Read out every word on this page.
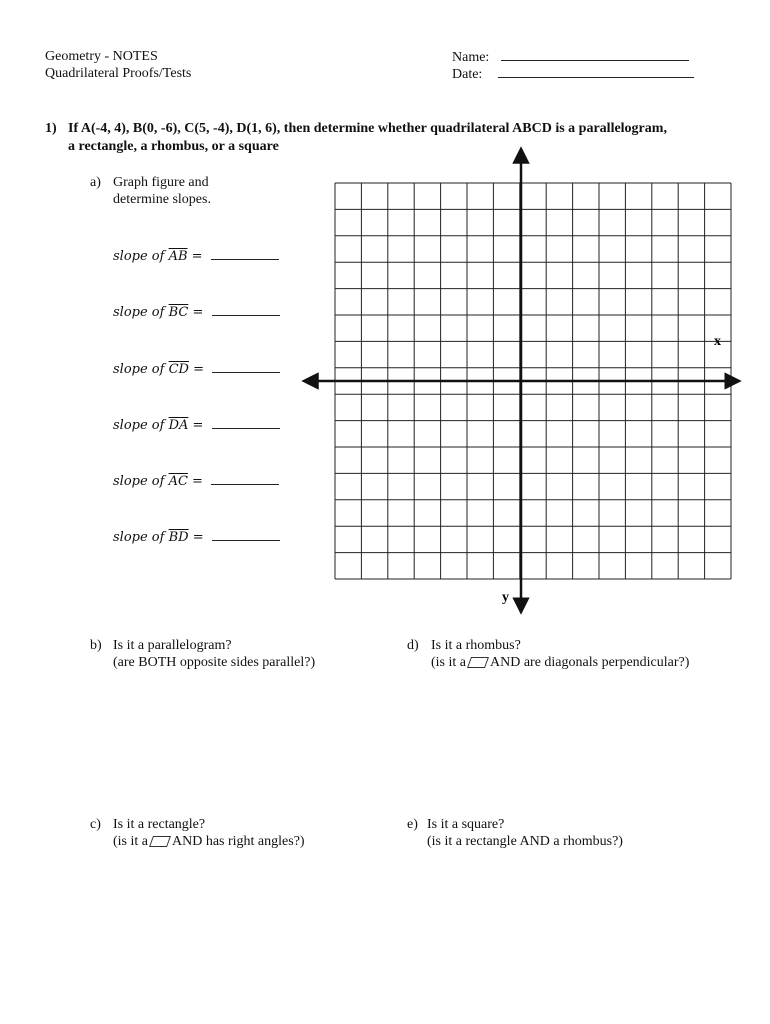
Geometry - NOTES
Quadrilateral Proofs/Tests
Name:
Date:
1) If A(-4, 4), B(0, -6), C(5, -4), D(1, 6), then determine whether quadrilateral ABCD is a parallelogram,
a rectangle, a rhombus, or a square
a) Graph figure and
determine slopes.
slope of $\overline{AB}$ =
slope of $\overline{BC}$ =
slope of $\overline{CD}$ =
slope of $\overline{DA}$ =
slope of $\overline{AC}$ =
slope of $\overline{BD}$ =
x
y
b) Is it a parallelogram?
(are BOTH opposite sides parallel?)
d) Is it a rhombus?
(is it a AND are diagonals perpendicular?)
c) Is it a rectangle?
(is it a AND has right angles?)
e) Is it a square?
(is it a rectangle AND a rhombus?)
